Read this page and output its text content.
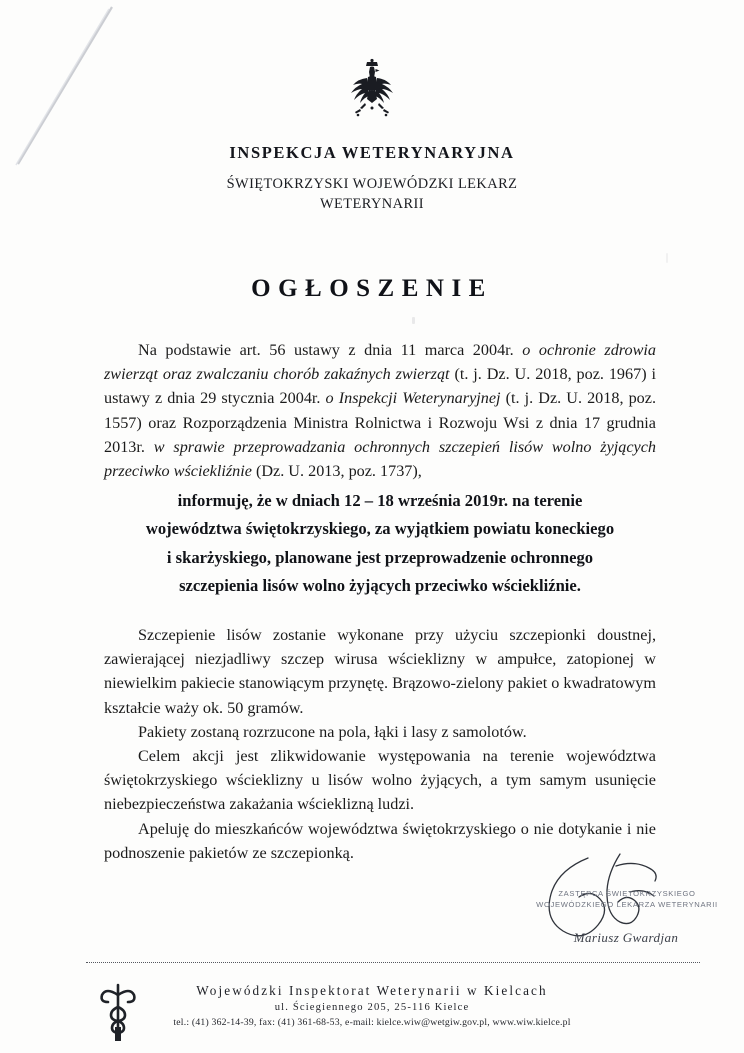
INSPEKCJA WETERYNARYJNA
ŚWIĘTOKRZYSKI WOJEWÓDZKI LEKARZ
WETERYNARII
OGŁOSZENIE
Na podstawie art. 56 ustawy z dnia 11 marca 2004r. o ochronie zdrowia zwierząt oraz zwalczaniu chorób zakaźnych zwierząt (t. j. Dz. U. 2018, poz. 1967) i ustawy z dnia 29 stycznia 2004r. o Inspekcji Weterynaryjnej (t. j. Dz. U. 2018, poz. 1557) oraz Rozporządzenia Ministra Rolnictwa i Rozwoju Wsi z dnia 17 grudnia 2013r. w sprawie przeprowadzania ochronnych szczepień lisów wolno żyjących przeciwko wściekliźnie (Dz. U. 2013, poz. 1737),
informuję, że w dniach 12 – 18 września 2019r. na terenie
województwa świętokrzyskiego, za wyjątkiem powiatu koneckiego
i skarżyskiego, planowane jest przeprowadzenie ochronnego
szczepienia lisów wolno żyjących przeciwko wściekliźnie.

Szczepienie lisów zostanie wykonane przy użyciu szczepionki doustnej, zawierającej niezjadliwy szczep wirusa wścieklizny w ampułce, zatopionej w niewielkim pakiecie stanowiącym przynętę. Brązowo-zielony pakiet o kwadratowym kształcie waży ok. 50 gramów.

Pakiety zostaną rozrzucone na pola, łąki i lasy z samolotów.

Celem akcji jest zlikwidowanie występowania na terenie województwa świętokrzyskiego wścieklizny u lisów wolno żyjących, a tym samym usunięcie niebezpieczeństwa zakażania wścieklizną ludzi.

Apeluję do mieszkańców województwa świętokrzyskiego o nie dotykanie i nie podnoszenie pakietów ze szczepionką.

ZASTĘPCA ŚWIĘTOKRZYSKIEGO
WOJEWÓDZKIEGO LEKARZA WETERYNARII
Mariusz Gwardjan
Wojewódzki Inspektorat Weterynarii w Kielcach
ul. Ściegiennego 205, 25-116 Kielce
tel.: (41) 362-14-39, fax: (41) 361-68-53, e-mail: kielce.wiw@wetgiw.gov.pl, www.wiw.kielce.pl
